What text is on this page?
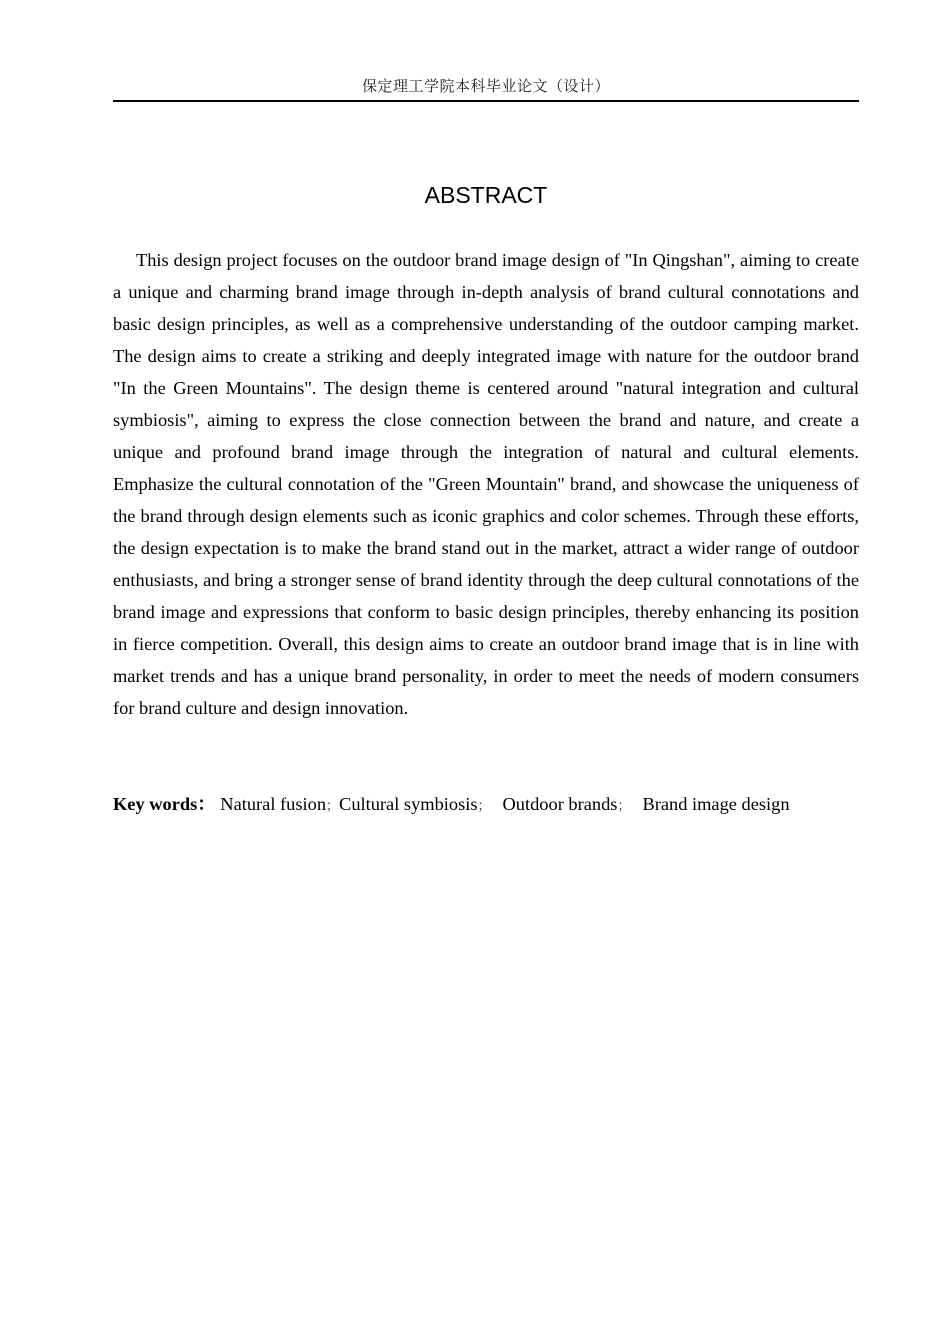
保定理工学院本科毕业论文（设计）
ABSTRACT

This design project focuses on the outdoor brand image design of "In Qingshan", aiming to create a unique and charming brand image through in-depth analysis of brand cultural connotations and basic design principles, as well as a comprehensive understanding of the outdoor camping market. The design aims to create a striking and deeply integrated image with nature for the outdoor brand "In the Green Mountains". The design theme is centered around "natural integration and cultural symbiosis", aiming to express the close connection between the brand and nature, and create a unique and profound brand image through the integration of natural and cultural elements. Emphasize the cultural connotation of the "Green Mountain" brand, and showcase the uniqueness of the brand through design elements such as iconic graphics and color schemes. Through these efforts, the design expectation is to make the brand stand out in the market, attract a wider range of outdoor enthusiasts, and bring a stronger sense of brand identity through the deep cultural connotations of the brand image and expressions that conform to basic design principles, thereby enhancing its position in fierce competition. Overall, this design aims to create an outdoor brand image that is in line with market trends and has a unique brand personality, in order to meet the needs of modern consumers for brand culture and design innovation.

Key words： Natural fusion；Cultural symbiosis； Outdoor brands； Brand image design
